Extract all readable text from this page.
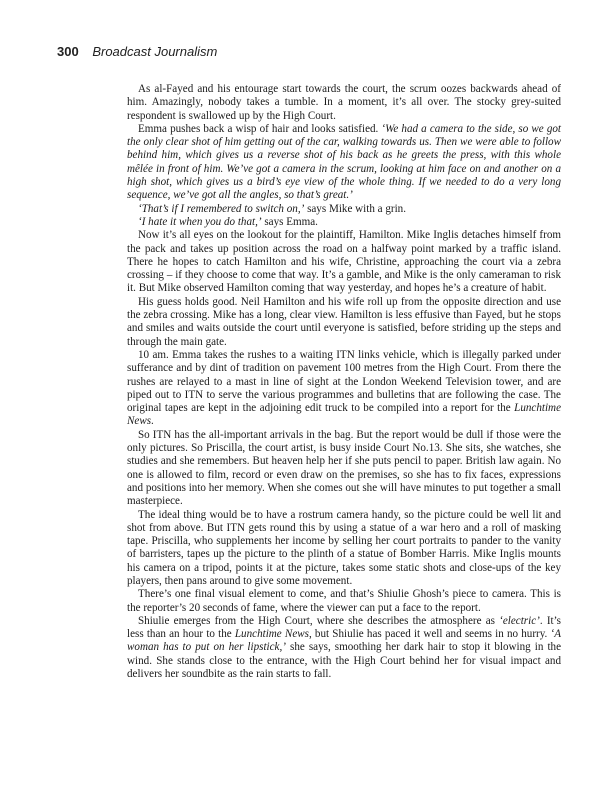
300 Broadcast Journalism

As al-Fayed and his entourage start towards the court, the scrum oozes backwards ahead of him. Amazingly, nobody takes a tumble. In a moment, it’s all over. The stocky grey-suited respondent is swallowed up by the High Court.

Emma pushes back a wisp of hair and looks satisfied. ‘We had a camera to the side, so we got the only clear shot of him getting out of the car, walking towards us. Then we were able to follow behind him, which gives us a reverse shot of his back as he greets the press, with this whole mêlée in front of him. We’ve got a camera in the scrum, looking at him face on and another on a high shot, which gives us a bird’s eye view of the whole thing. If we needed to do a very long sequence, we’ve got all the angles, so that’s great.’

‘That’s if I remembered to switch on,’ says Mike with a grin.

‘I hate it when you do that,’ says Emma.

Now it’s all eyes on the lookout for the plaintiff, Hamilton. Mike Inglis detaches himself from the pack and takes up position across the road on a halfway point marked by a traffic island. There he hopes to catch Hamilton and his wife, Christine, approaching the court via a zebra crossing – if they choose to come that way. It’s a gamble, and Mike is the only cameraman to risk it. But Mike observed Hamilton coming that way yesterday, and hopes he’s a creature of habit.

His guess holds good. Neil Hamilton and his wife roll up from the opposite direction and use the zebra crossing. Mike has a long, clear view. Hamilton is less effusive than Fayed, but he stops and smiles and waits outside the court until everyone is satisfied, before striding up the steps and through the main gate.

10 am. Emma takes the rushes to a waiting ITN links vehicle, which is illegally parked under sufferance and by dint of tradition on pavement 100 metres from the High Court. From there the rushes are relayed to a mast in line of sight at the London Weekend Television tower, and are piped out to ITN to serve the various programmes and bulletins that are following the case. The original tapes are kept in the adjoining edit truck to be compiled into a report for the Lunchtime News.

So ITN has the all-important arrivals in the bag. But the report would be dull if those were the only pictures. So Priscilla, the court artist, is busy inside Court No.13. She sits, she watches, she studies and she remembers. But heaven help her if she puts pencil to paper. British law again. No one is allowed to film, record or even draw on the premises, so she has to fix faces, expressions and positions into her memory. When she comes out she will have minutes to put together a small masterpiece.

The ideal thing would be to have a rostrum camera handy, so the picture could be well lit and shot from above. But ITN gets round this by using a statue of a war hero and a roll of masking tape. Priscilla, who supplements her income by selling her court portraits to pander to the vanity of barristers, tapes up the picture to the plinth of a statue of Bomber Harris. Mike Inglis mounts his camera on a tripod, points it at the picture, takes some static shots and close-ups of the key players, then pans around to give some movement.

There’s one final visual element to come, and that’s Shiulie Ghosh’s piece to camera. This is the reporter’s 20 seconds of fame, where the viewer can put a face to the report.

Shiulie emerges from the High Court, where she describes the atmosphere as ‘electric’. It’s less than an hour to the Lunchtime News, but Shiulie has paced it well and seems in no hurry. ‘A woman has to put on her lipstick,’ she says, smoothing her dark hair to stop it blowing in the wind. She stands close to the entrance, with the High Court behind her for visual impact and delivers her soundbite as the rain starts to fall.
